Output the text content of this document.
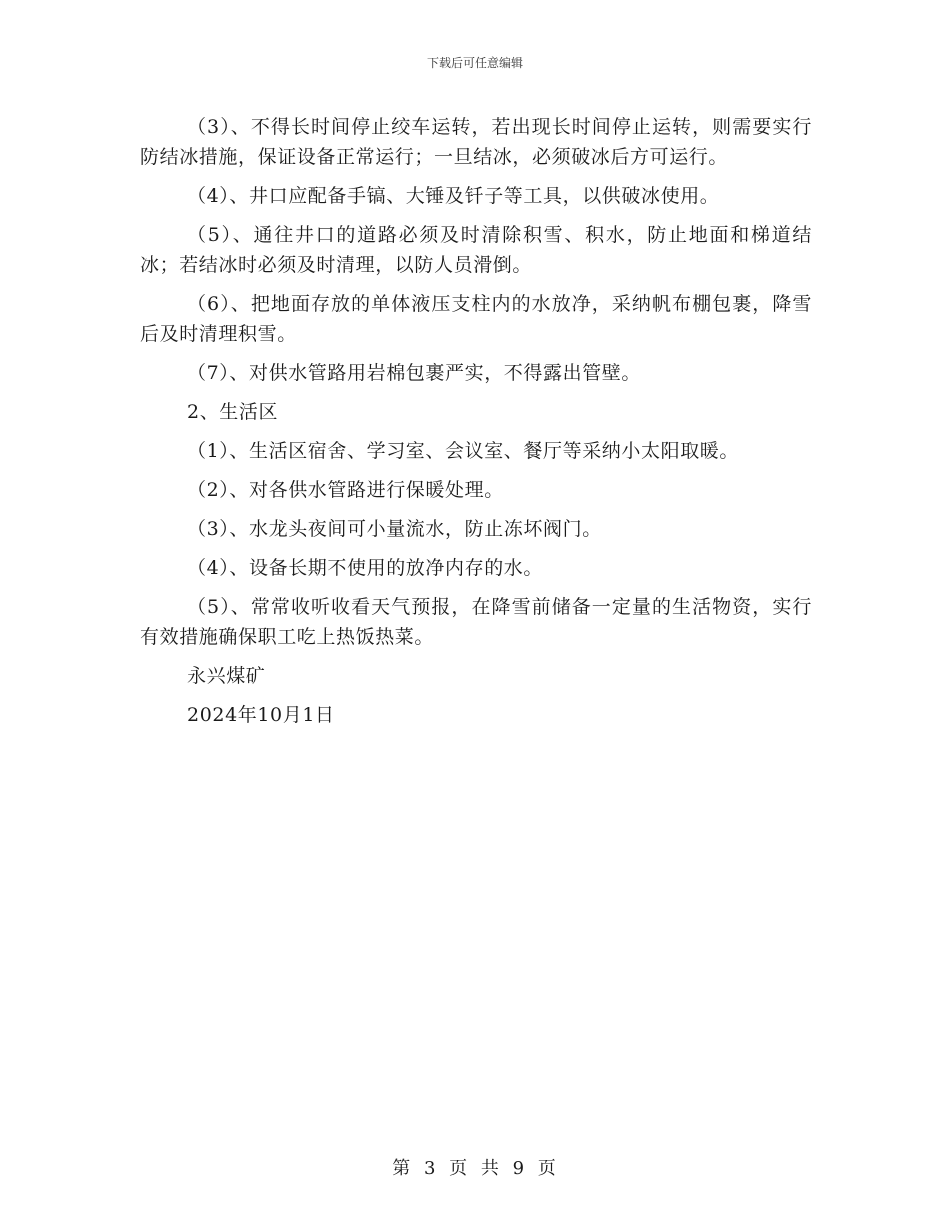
下载后可任意编辑

（3）、不得长时间停止绞车运转，若出现长时间停止运转，则需要实行防结冰措施，保证设备正常运行；一旦结冰，必须破冰后方可运行。

（4）、井口应配备手镐、大锤及钎子等工具，以供破冰使用。

（5）、通往井口的道路必须及时清除积雪、积水，防止地面和梯道结冰；若结冰时必须及时清理，以防人员滑倒。

（6）、把地面存放的单体液压支柱内的水放净，采纳帆布棚包裹，降雪后及时清理积雪。

（7）、对供水管路用岩棉包裹严实，不得露出管壁。

2、生活区

（1）、生活区宿舍、学习室、会议室、餐厅等采纳小太阳取暖。

（2）、对各供水管路进行保暖处理。

（3）、水龙头夜间可小量流水，防止冻坏阀门。

（4）、设备长期不使用的放净内存的水。

（5）、常常收听收看天气预报，在降雪前储备一定量的生活物资，实行有效措施确保职工吃上热饭热菜。

永兴煤矿

2024年10月1日

第 3 页 共 9 页
